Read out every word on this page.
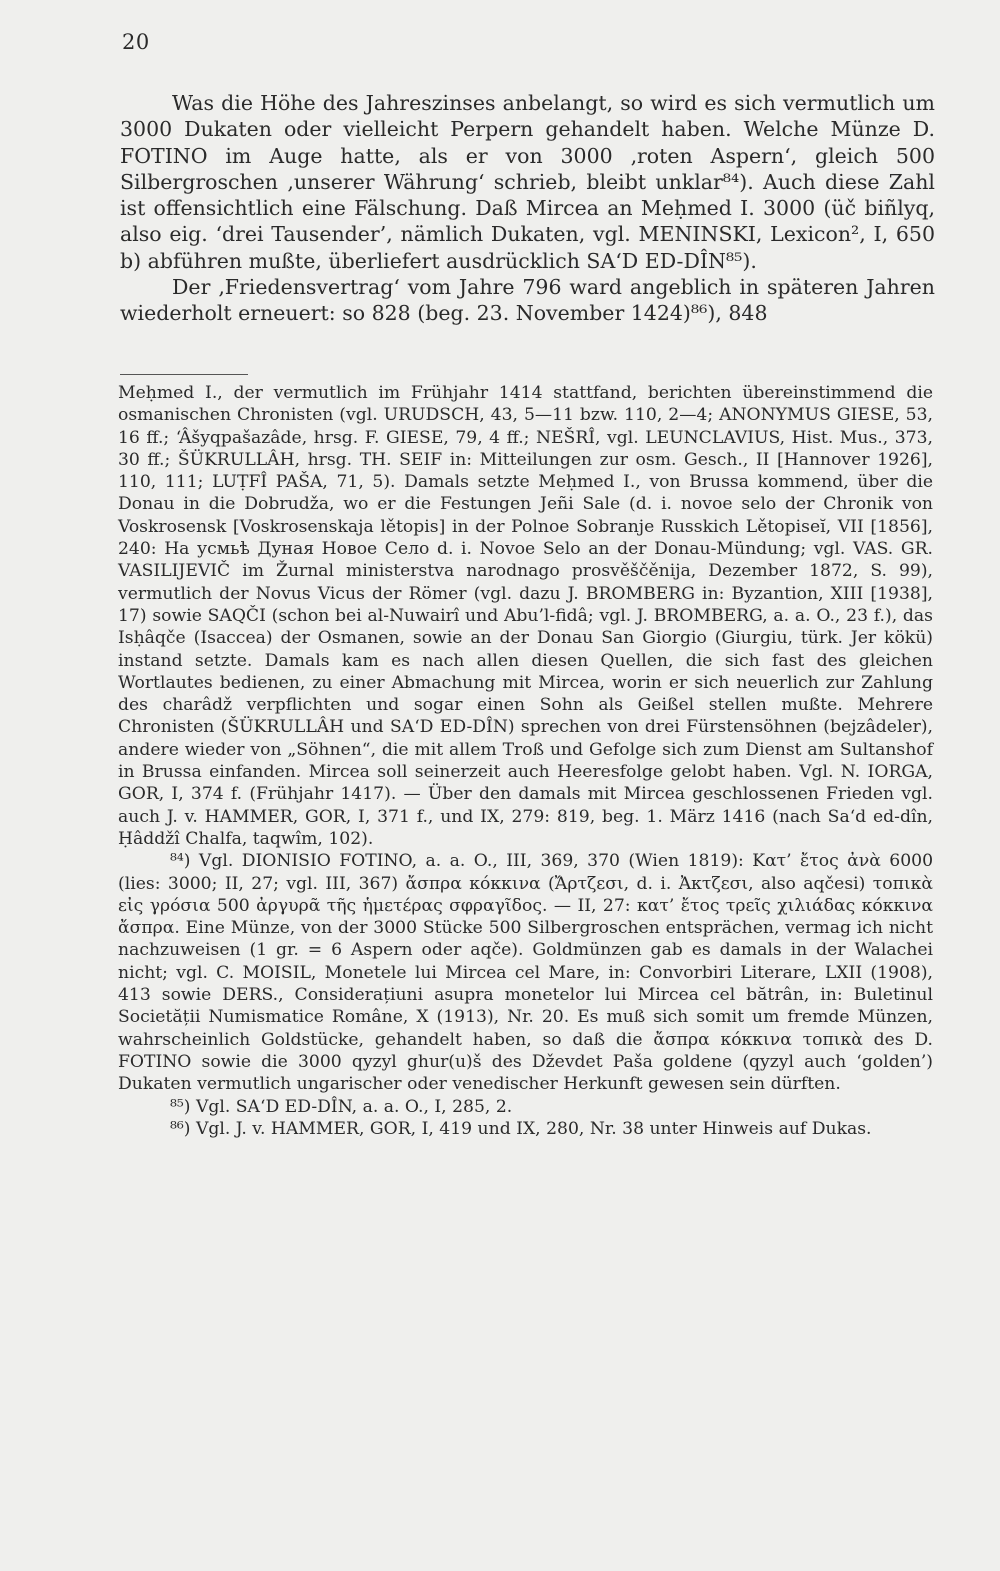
20

Was die Höhe des Jahreszinses anbelangt, so wird es sich vermutlich um 3000 Dukaten oder vielleicht Perpern gehandelt haben. Welche Münze D. FOTINO im Auge hatte, als er von 3000 ‚roten Aspern‘, gleich 500 Silbergroschen ‚unserer Währung‘ schrieb, bleibt unklar⁸⁴). Auch diese Zahl ist offensichtlich eine Fälschung. Daß Mircea an Meḥmed I. 3000 (üč biñlyq, also eig. ‘drei Tausender’, nämlich Dukaten, vgl. MENINSKI, Lexicon², I, 650 b) abführen mußte, überliefert ausdrücklich SA‘D ED-DÎN⁸⁵).

Der ‚Friedensvertrag‘ vom Jahre 796 ward angeblich in späteren Jahren wiederholt erneuert: so 828 (beg. 23. November 1424)⁸⁶), 848

Meḥmed I., der vermutlich im Frühjahr 1414 stattfand, berichten übereinstimmend die osmanischen Chronisten (vgl. URUDSCH, 43, 5—11 bzw. 110, 2—4; ANONYMUS GIESE, 53, 16 ff.; ‘Âšyqpašazâde, hrsg. F. GIESE, 79, 4 ff.; NEŠRÎ, vgl. LEUNCLAVIUS, Hist. Mus., 373, 30 ff.; ŠÜKRULLÂH, hrsg. TH. SEIF in: Mitteilungen zur osm. Gesch., II [Hannover 1926], 110, 111; LUṬFÎ PAŠA, 71, 5). Damals setzte Meḥmed I., von Brussa kommend, über die Donau in die Dobrudža, wo er die Festungen Jeñi Sale (d. i. novoe selo der Chronik von Voskrosensk [Voskrosenskaja lětopis] in der Polnoe Sobranje Russkich Lětopiseĭ, VII [1856], 240: На усмьѣ Дуная Новое Село d. i. Novoe Selo an der Donau-Mündung; vgl. VAS. GR. VASILIJEVIČ im Žurnal ministerstva narodnago prosvěščěnija, Dezember 1872, S. 99), vermutlich der Novus Vicus der Römer (vgl. dazu J. BROMBERG in: Byzantion, XIII [1938], 17) sowie SAQČI (schon bei al-Nuwairî und Abu’l-fidâ; vgl. J. BROMBERG, a. a. O., 23 f.), das Isḥâqče (Isaccea) der Osmanen, sowie an der Donau San Giorgio (Giurgiu, türk. Jer kökü) instand setzte. Damals kam es nach allen diesen Quellen, die sich fast des gleichen Wortlautes bedienen, zu einer Abmachung mit Mircea, worin er sich neuerlich zur Zahlung des charâdž verpflichten und sogar einen Sohn als Geißel stellen mußte. Mehrere Chronisten (ŠÜKRULLÂH und SA‘D ED-DÎN) sprechen von drei Fürstensöhnen (bejzâdeler), andere wieder von „Söhnen“, die mit allem Troß und Gefolge sich zum Dienst am Sultanshof in Brussa einfanden. Mircea soll seinerzeit auch Heeresfolge gelobt haben. Vgl. N. IORGA, GOR, I, 374 f. (Frühjahr 1417). — Über den damals mit Mircea geschlossenen Frieden vgl. auch J. v. HAMMER, GOR, I, 371 f., und IX, 279: 819, beg. 1. März 1416 (nach Sa‘d ed-dîn, Ḥâddžî Chalfa, taqwîm, 102).

⁸⁴) Vgl. DIONISIO FOTINO, a. a. O., III, 369, 370 (Wien 1819): Κατ’ ἔτος ἀνὰ 6000 (lies: 3000; II, 27; vgl. III, 367) ἄσπρα κόκκινα (Ἄρτζεσι, d. i. Ἀκτζεσι, also aqčesi) τοπικὰ εἰς γρόσια 500 ἀργυρᾶ τῆς ἡμετέρας σφραγῖδος. — II, 27: κατ’ ἔτος τρεῖς χιλιάδας κόκκινα ἄσπρα. Eine Münze, von der 3000 Stücke 500 Silbergroschen entsprächen, vermag ich nicht nachzuweisen (1 gr. = 6 Aspern oder aqče). Goldmünzen gab es damals in der Walachei nicht; vgl. C. MOISIL, Monetele lui Mircea cel Mare, in: Convorbiri Literare, LXII (1908), 413 sowie DERS., Considerațiuni asupra monetelor lui Mircea cel bătrân, in: Buletinul Societății Numismatice Române, X (1913), Nr. 20. Es muß sich somit um fremde Münzen, wahrscheinlich Goldstücke, gehandelt haben, so daß die ἄσπρα κόκκινα τοπικὰ des D. FOTINO sowie die 3000 qyzyl ghur(u)š des Dževdet Paša goldene (qyzyl auch ‘golden’) Dukaten vermutlich ungarischer oder venedischer Herkunft gewesen sein dürften.

⁸⁵) Vgl. SA‘D ED-DÎN, a. a. O., I, 285, 2.

⁸⁶) Vgl. J. v. HAMMER, GOR, I, 419 und IX, 280, Nr. 38 unter Hinweis auf Dukas.
